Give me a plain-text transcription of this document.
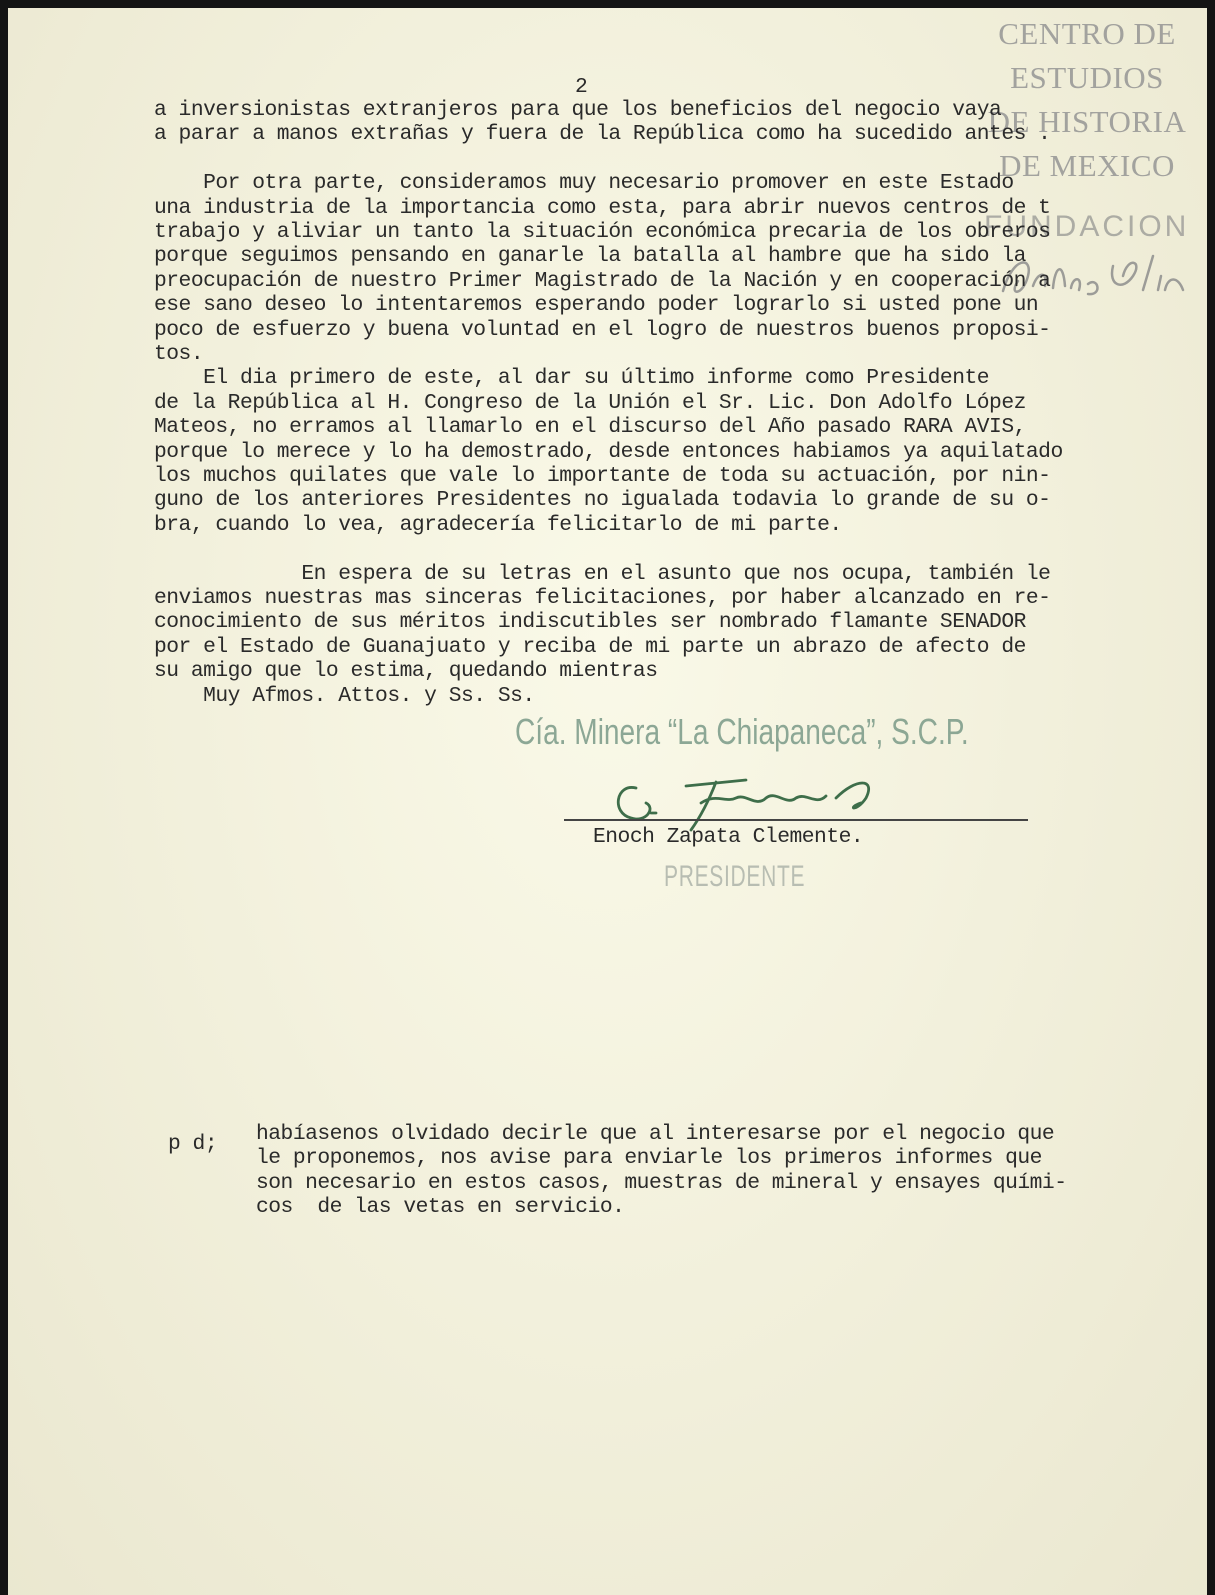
CENTRO DE
ESTUDIOS
DE HISTORIA
DE MEXICO
FUNDACION
2
a inversionistas extranjeros para que los beneficios del negocio vaya
a parar a manos extrañas y fuera de la República como ha sucedido antes .
Por otra parte, consideramos muy necesario promover en este Estado
una industria de la importancia como esta, para abrir nuevos centros de t
trabajo y aliviar un tanto la situación económica precaria de los obreros
porque seguimos pensando en ganarle la batalla al hambre que ha sido la
preocupación de nuestro Primer Magistrado de la Nación y en cooperación a
ese sano deseo lo intentaremos esperando poder lograrlo si usted pone un
poco de esfuerzo y buena voluntad en el logro de nuestros buenos proposi-
tos.
El dia primero de este, al dar su último informe como Presidente
de la República al H. Congreso de la Unión el Sr. Lic. Don Adolfo López
Mateos, no erramos al llamarlo en el discurso del Año pasado RARA AVIS,
porque lo merece y lo ha demostrado, desde entonces habiamos ya aquilatado
los muchos quilates que vale lo importante de toda su actuación, por nin-
guno de los anteriores Presidentes no igualada todavia lo grande de su o-
bra, cuando lo vea, agradecería felicitarlo de mi parte.
En espera de su letras en el asunto que nos ocupa, también le
enviamos nuestras mas sinceras felicitaciones, por haber alcanzado en re-
conocimiento de sus méritos indiscutibles ser nombrado flamante SENADOR
por el Estado de Guanajuato y reciba de mi parte un abrazo de afecto de
su amigo que lo estima, quedando mientras
Muy Afmos. Attos. y Ss. Ss.
Cía. Minera “La Chiapaneca”, S.C.P.
Enoch Zapata Clemente.
PRESIDENTE
p d; habíasenos olvidado decirle que al interesarse por el negocio que
le proponemos, nos avise para enviarle los primeros informes que
son necesario en estos casos, muestras de mineral y ensayes quími-
cos  de las vetas en servicio.
